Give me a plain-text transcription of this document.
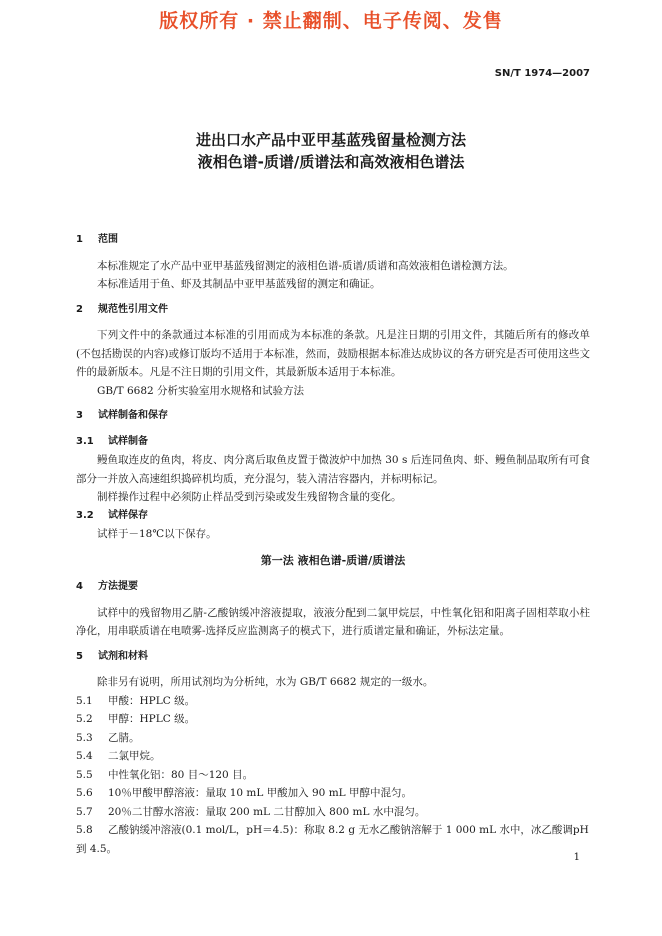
版权所有 · 禁止翻制、电子传阅、发售
SN/T 1974—2007
进出口水产品中亚甲基蓝残留量检测方法
液相色谱-质谱/质谱法和高效液相色谱法
1 范围

本标准规定了水产品中亚甲基蓝残留测定的液相色谱-质谱/质谱和高效液相色谱检测方法。

本标准适用于鱼、虾及其制品中亚甲基蓝残留的测定和确证。

2 规范性引用文件

下列文件中的条款通过本标准的引用而成为本标准的条款。凡是注日期的引用文件，其随后所有的修改单(不包括勘误的内容)或修订版均不适用于本标准，然而，鼓励根据本标准达成协议的各方研究是否可使用这些文件的最新版本。凡是不注日期的引用文件，其最新版本适用于本标准。

GB/T 6682 分析实验室用水规格和试验方法

3 试样制备和保存
3.1 试样制备

鳗鱼取连皮的鱼肉，将皮、肉分离后取鱼皮置于微波炉中加热 30 s 后连同鱼肉、虾、鳗鱼制品取所有可食部分一并放入高速组织捣碎机均质，充分混匀，装入清洁容器内，并标明标记。

制样操作过程中必须防止样品受到污染或发生残留物含量的变化。

3.2 试样保存

试样于－18℃以下保存。

第一法 液相色谱-质谱/质谱法
4 方法提要

试样中的残留物用乙腈-乙酸钠缓冲溶液提取，液液分配到二氯甲烷层，中性氧化铝和阳离子固相萃取小柱净化，用串联质谱在电喷雾-选择反应监测离子的模式下，进行质谱定量和确证，外标法定量。

5 试剂和材料

除非另有说明，所用试剂均为分析纯，水为 GB/T 6682 规定的一级水。

5.1 甲酸：HPLC 级。
5.2 甲醇：HPLC 级。
5.3 乙腈。
5.4 二氯甲烷。
5.5 中性氧化铝：80 目～120 目。
5.6 10％甲酸甲醇溶液：量取 10 mL 甲酸加入 90 mL 甲醇中混匀。
5.7 20％二甘醇水溶液：量取 200 mL 二甘醇加入 800 mL 水中混匀。
5.8 乙酸钠缓冲溶液(0.1 mol/L，pH＝4.5)：称取 8.2 g 无水乙酸钠溶解于 1 000 mL 水中，冰乙酸调pH 到 4.5。
1
